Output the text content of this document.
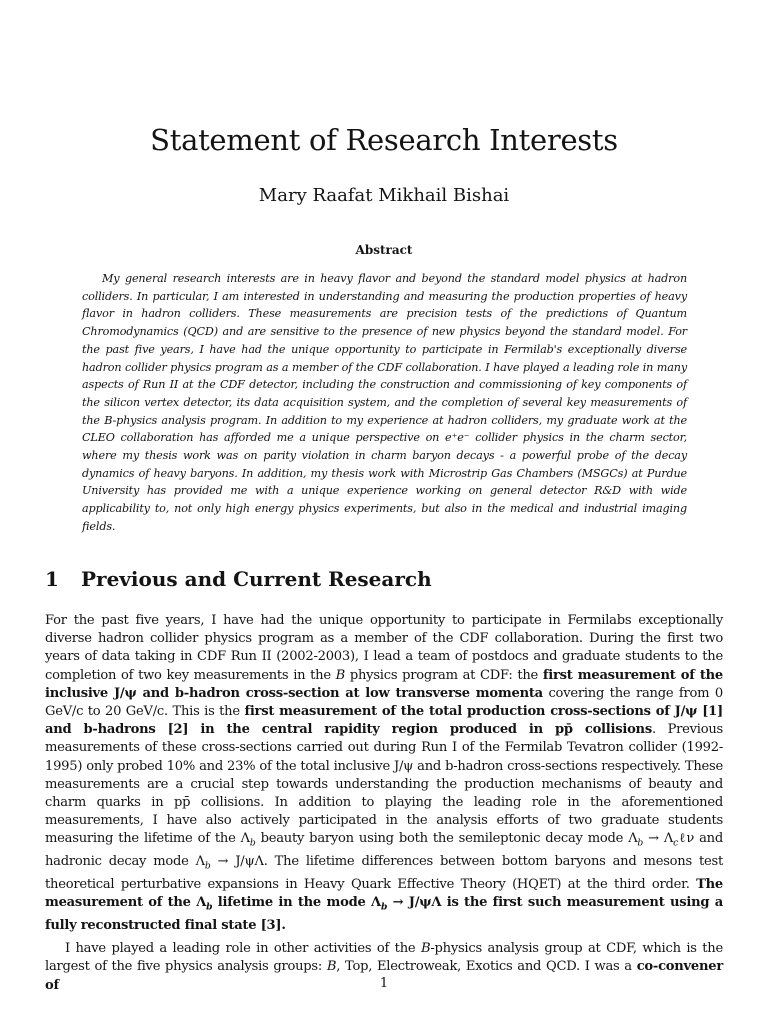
Statement of Research Interests
Mary Raafat Mikhail Bishai
Abstract

My general research interests are in heavy flavor and beyond the standard model physics at hadron colliders. In particular, I am interested in understanding and measuring the production properties of heavy flavor in hadron colliders. These measurements are precision tests of the predictions of Quantum Chromodynamics (QCD) and are sensitive to the presence of new physics beyond the standard model. For the past five years, I have had the unique opportunity to participate in Fermilab's exceptionally diverse hadron collider physics program as a member of the CDF collaboration. I have played a leading role in many aspects of Run II at the CDF detector, including the construction and commissioning of key components of the silicon vertex detector, its data acquisition system, and the completion of several key measurements of the B-physics analysis program. In addition to my experience at hadron colliders, my graduate work at the CLEO collaboration has afforded me a unique perspective on e⁺e⁻ collider physics in the charm sector, where my thesis work was on parity violation in charm baryon decays - a powerful probe of the decay dynamics of heavy baryons. In addition, my thesis work with Microstrip Gas Chambers (MSGCs) at Purdue University has provided me with a unique experience working on general detector R&D with wide applicability to, not only high energy physics experiments, but also in the medical and industrial imaging fields.

1 Previous and Current Research

For the past five years, I have had the unique opportunity to participate in Fermilabs exceptionally diverse hadron collider physics program as a member of the CDF collaboration. During the first two years of data taking in CDF Run II (2002-2003), I lead a team of postdocs and graduate students to the completion of two key measurements in the B physics program at CDF: the first measurement of the inclusive J/ψ and b-hadron cross-section at low transverse momenta covering the range from 0 GeV/c to 20 GeV/c. This is the first measurement of the total production cross-sections of J/ψ [1] and b-hadrons [2] in the central rapidity region produced in pp̄ collisions. Previous measurements of these cross-sections carried out during Run I of the Fermilab Tevatron collider (1992-1995) only probed 10% and 23% of the total inclusive J/ψ and b-hadron cross-sections respectively. These measurements are a crucial step towards understanding the production mechanisms of beauty and charm quarks in pp̄ collisions. In addition to playing the leading role in the aforementioned measurements, I have also actively participated in the analysis efforts of two graduate students measuring the lifetime of the $\Lambda_b$ beauty baryon using both the semileptonic decay mode $\Lambda_b$ → $\Lambda_c\ell\nu$ and hadronic decay mode $\Lambda_b \to J/\psi\Lambda$. The lifetime differences between bottom baryons and mesons test theoretical perturbative expansions in Heavy Quark Effective Theory (HQET) at the third order. The measurement of the $\Lambda_b$ lifetime in the mode $\Lambda_b \to J/\psi\Lambda$ is the first such measurement using a fully reconstructed final state [3].

I have played a leading role in other activities of the B-physics analysis group at CDF, which is the largest of the five physics analysis groups: B, Top, Electroweak, Exotics and QCD. I was a co-convener of	1
